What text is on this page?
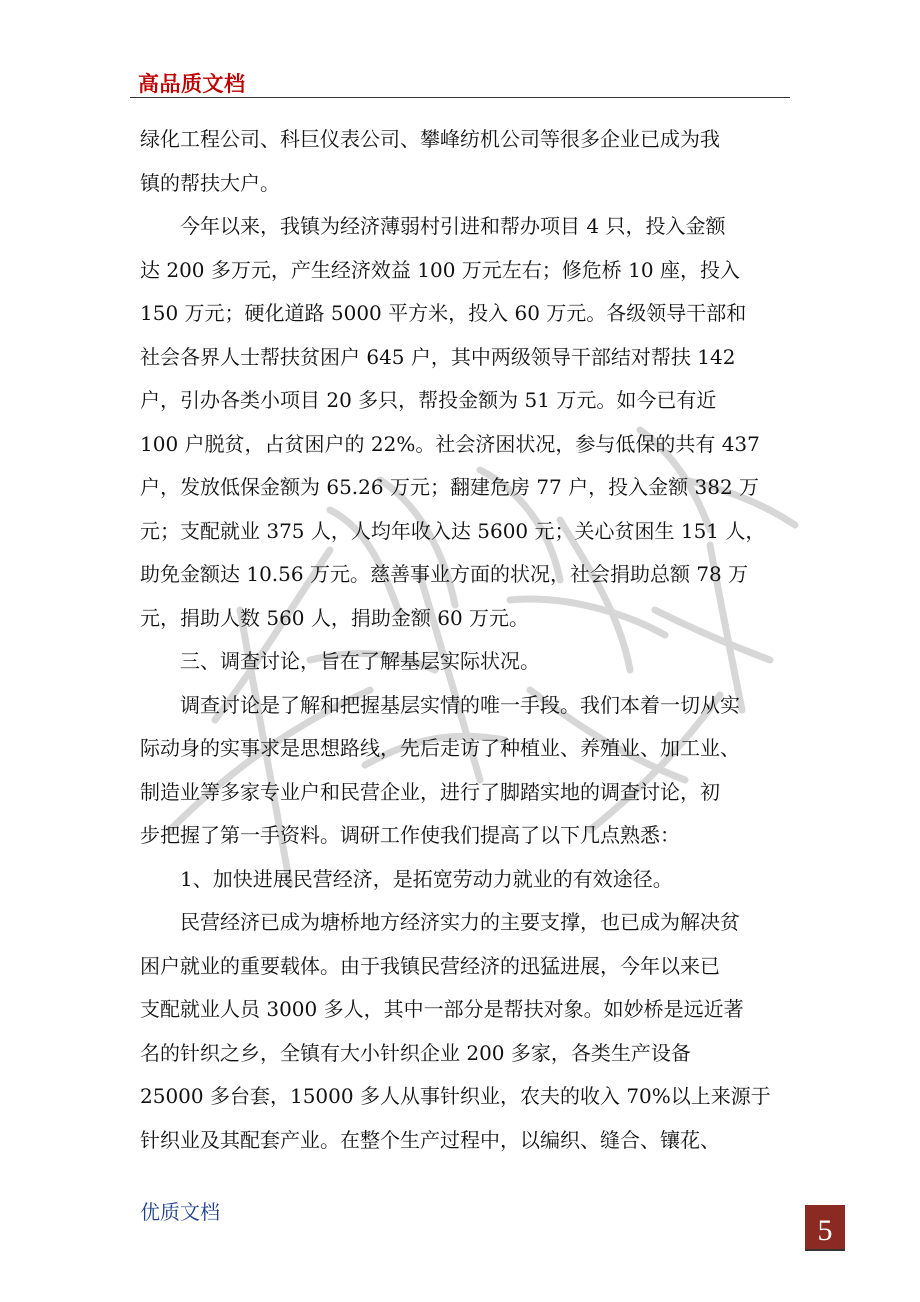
高品质文档
绿化工程公司、科巨仪表公司、攀峰纺机公司等很多企业已成为我
镇的帮扶大户。
今年以来，我镇为经济薄弱村引进和帮办项目 4 只，投入金额
达 200 多万元，产生经济效益 100 万元左右；修危桥 10 座，投入
150 万元；硬化道路 5000 平方米，投入 60 万元。各级领导干部和
社会各界人士帮扶贫困户 645 户，其中两级领导干部结对帮扶 142
户，引办各类小项目 20 多只，帮投金额为 51 万元。如今已有近
100 户脱贫，占贫困户的 22%。社会济困状况，参与低保的共有 437
户，发放低保金额为 65.26 万元；翻建危房 77 户，投入金额 382 万
元；支配就业 375 人，人均年收入达 5600 元；关心贫困生 151 人，
助免金额达 10.56 万元。慈善事业方面的状况，社会捐助总额 78 万
元，捐助人数 560 人，捐助金额 60 万元。
三、调查讨论，旨在了解基层实际状况。
调查讨论是了解和把握基层实情的唯一手段。我们本着一切从实
际动身的实事求是思想路线，先后走访了种植业、养殖业、加工业、
制造业等多家专业户和民营企业，进行了脚踏实地的调查讨论，初
步把握了第一手资料。调研工作使我们提高了以下几点熟悉：
1、加快进展民营经济，是拓宽劳动力就业的有效途径。
民营经济已成为塘桥地方经济实力的主要支撑，也已成为解决贫
困户就业的重要载体。由于我镇民营经济的迅猛进展，今年以来已
支配就业人员 3000 多人，其中一部分是帮扶对象。如妙桥是远近著
名的针织之乡，全镇有大小针织企业 200 多家，各类生产设备
25000 多台套，15000 多人从事针织业，农夫的收入 70%以上来源于
针织业及其配套产业。在整个生产过程中，以编织、缝合、镶花、
优质文档
5
